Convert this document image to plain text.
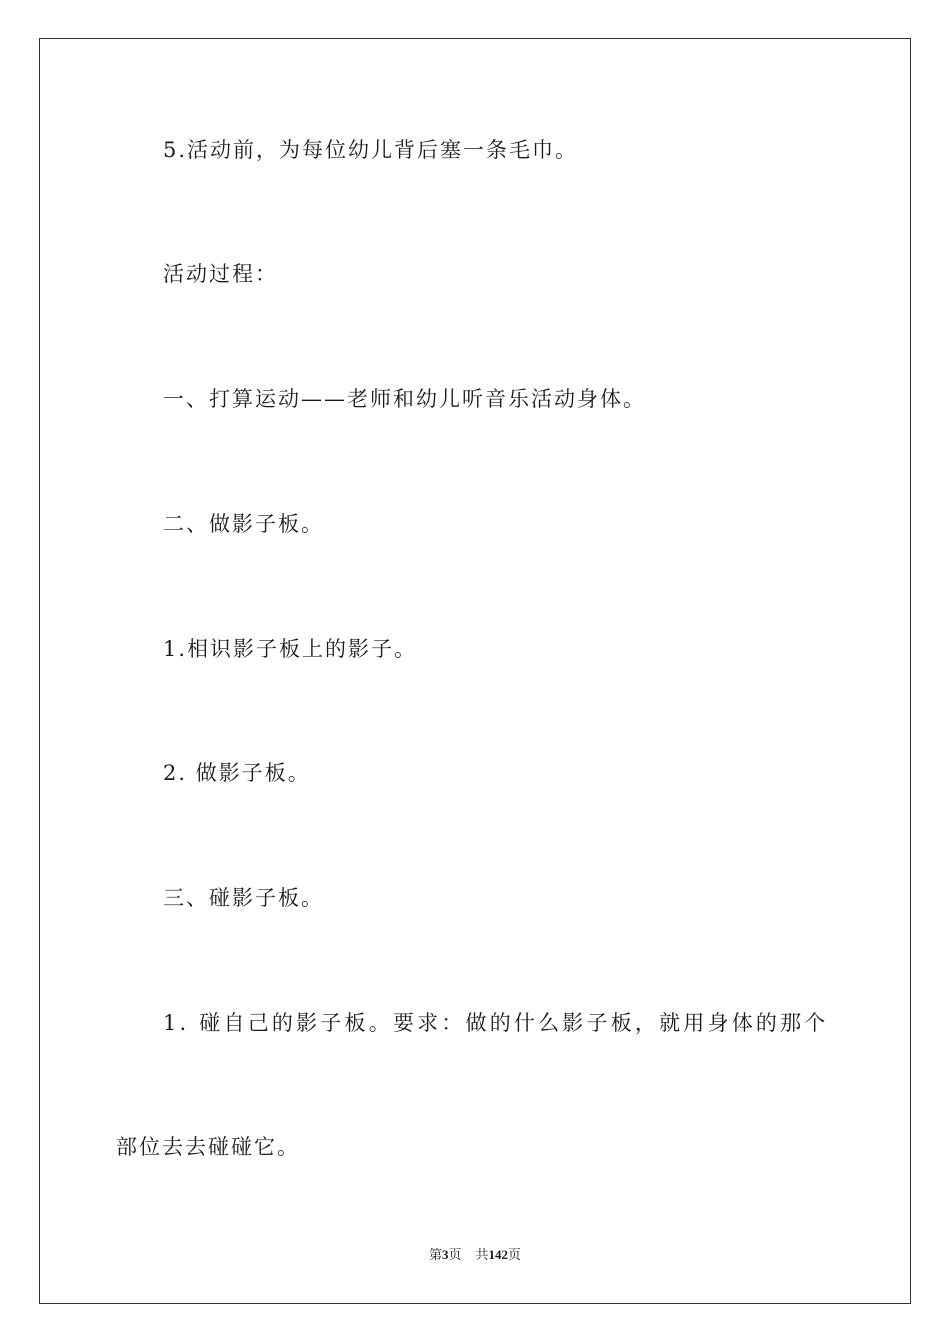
5.活动前，为每位幼儿背后塞一条毛巾。
活动过程：
一、打算运动——老师和幼儿听音乐活动身体。
二、做影子板。
1.相识影子板上的影子。
2. 做影子板。
三、碰影子板。
1. 碰自己的影子板。要求：做的什么影子板，就用身体的那个
部位去去碰碰它。
第3页 共142页
